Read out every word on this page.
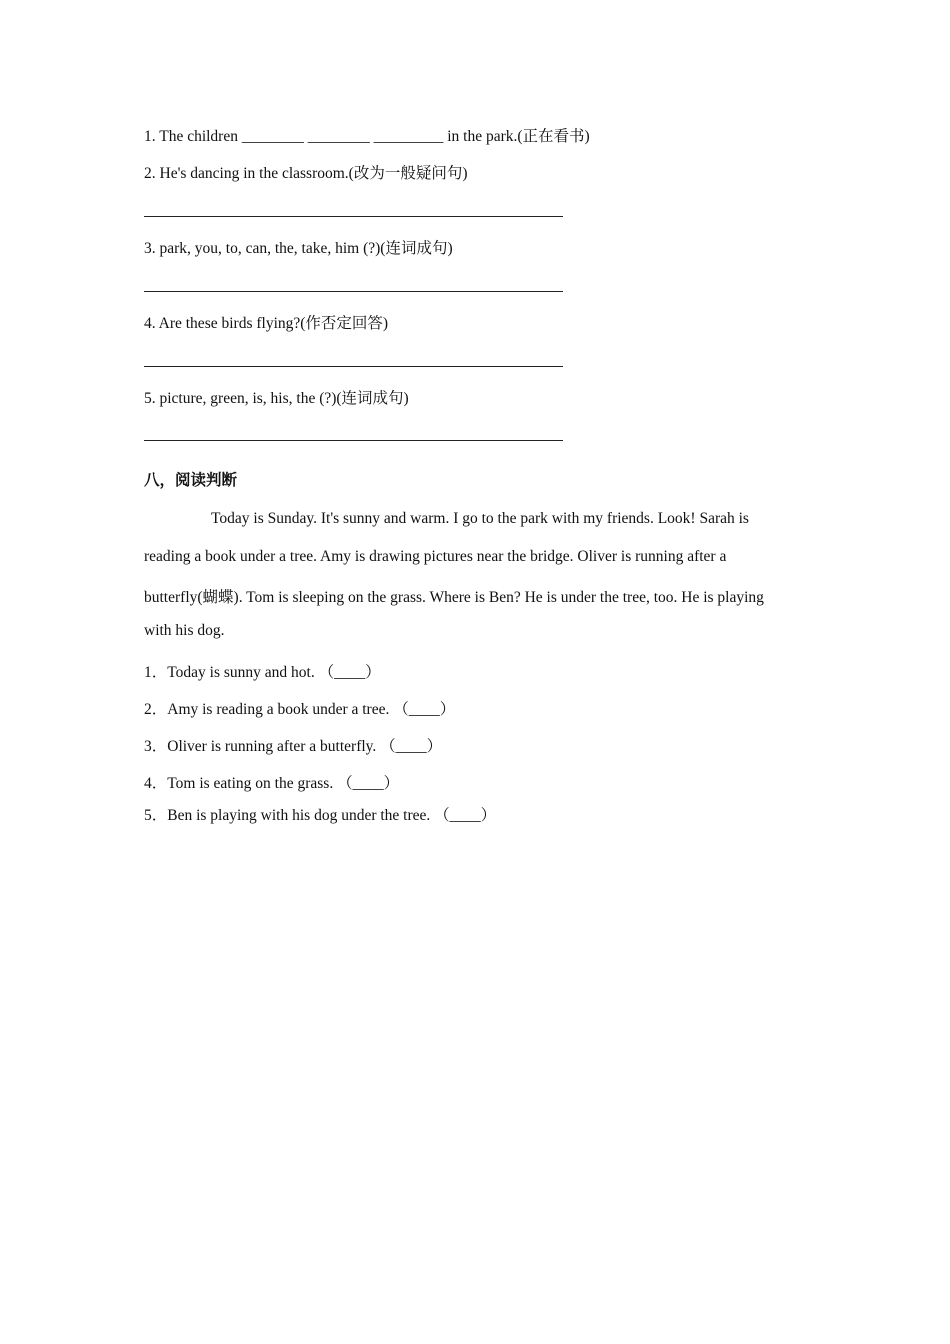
1. The children ________ ________ _________ in the park.(正在看书)
2. He's dancing in the classroom.(改为一般疑问句)
3. park, you, to, can, the, take, him (?)(连词成句)
4. Are these birds flying?(作否定回答)
5. picture, green, is, his, the (?)(连词成句)
八，阅读判断
Today is Sunday. It's sunny and warm. I go to the park with my friends. Look! Sarah is
reading a book under a tree. Amy is drawing pictures near the bridge. Oliver is running after a
butterfly(蝴蝶). Tom is sleeping on the grass. Where is Ben? He is under the tree, too. He is playing
with his dog.
1．Today is sunny and hot. （____）
2．Amy is reading a book under a tree. （____）
3．Oliver is running after a butterfly. （____）
4．Tom is eating on the grass. （____）
5．Ben is playing with his dog under the tree. （____）
